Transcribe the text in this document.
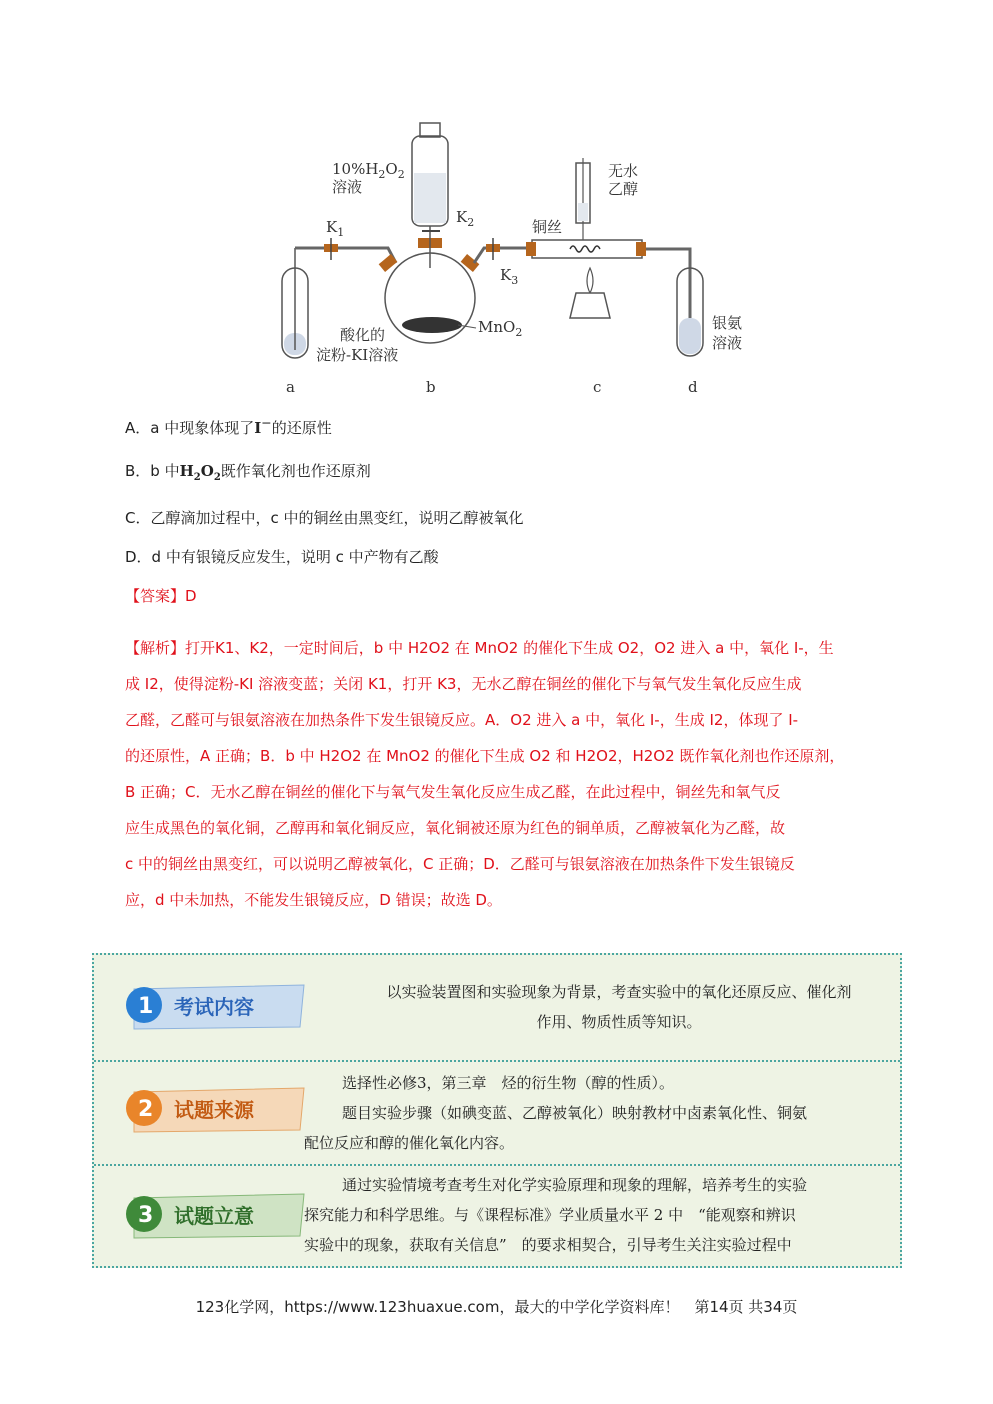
$K_1$
$10\%H_2O_2$
溶液
$K_2$
MnO$_2$
酸化的
淀粉-KI溶液
$K_3$
铜丝
无水
乙醇
银氨
溶液
a	b	c	d
A．a 中现象体现了I−的还原性
B．b 中$H_2O_2$既作氧化剂也作还原剂
C．乙醇滴加过程中，c 中的铜丝由黑变红，说明乙醇被氧化
D．d 中有银镜反应发生，说明 c 中产物有乙酸
【答案】D

【解析】打开K1、K2，一定时间后，b 中 H2O2 在 MnO2 的催化下生成 O2，O2 进入 a 中，氧化 I-，生

成 I2，使得淀粉-KI 溶液变蓝；关闭 K1，打开 K3，无水乙醇在铜丝的催化下与氧气发生氧化反应生成

乙醛，乙醛可与银氨溶液在加热条件下发生银镜反应。A．O2 进入 a 中，氧化 I-，生成 I2，体现了 I-

的还原性，A 正确；B．b 中 H2O2 在 MnO2 的催化下生成 O2 和 H2O2，H2O2 既作氧化剂也作还原剂，

B 正确；C．无水乙醇在铜丝的催化下与氧气发生氧化反应生成乙醛，在此过程中，铜丝先和氧气反

应生成黑色的氧化铜，乙醇再和氧化铜反应，氧化铜被还原为红色的铜单质，乙醇被氧化为乙醛，故

c 中的铜丝由黑变红，可以说明乙醇被氧化，C 正确；D．乙醛可与银氨溶液在加热条件下发生银镜反

应，d 中未加热，不能发生银镜反应，D 错误；故选 D。

1 考试内容

以实验装置图和实验现象为背景，考查实验中的氧化还原反应、催化剂

作用、物质性质等知识。

2 试题来源

选择性必修3，第三章　烃的衍生物（醇的性质）。

题目实验步骤（如碘变蓝、乙醇被氧化）映射教材中卤素氧化性、铜氨

配位反应和醇的催化氧化内容。

3 试题立意

通过实验情境考查考生对化学实验原理和现象的理解，培养考生的实验

探究能力和科学思维。与《课程标准》学业质量水平 2 中　“能观察和辨识

实验中的现象，获取有关信息”　的要求相契合，引导考生关注实验过程中

123化学网，https://www.123huaxue.com，最大的中学化学资料库！　第14页 共34页
